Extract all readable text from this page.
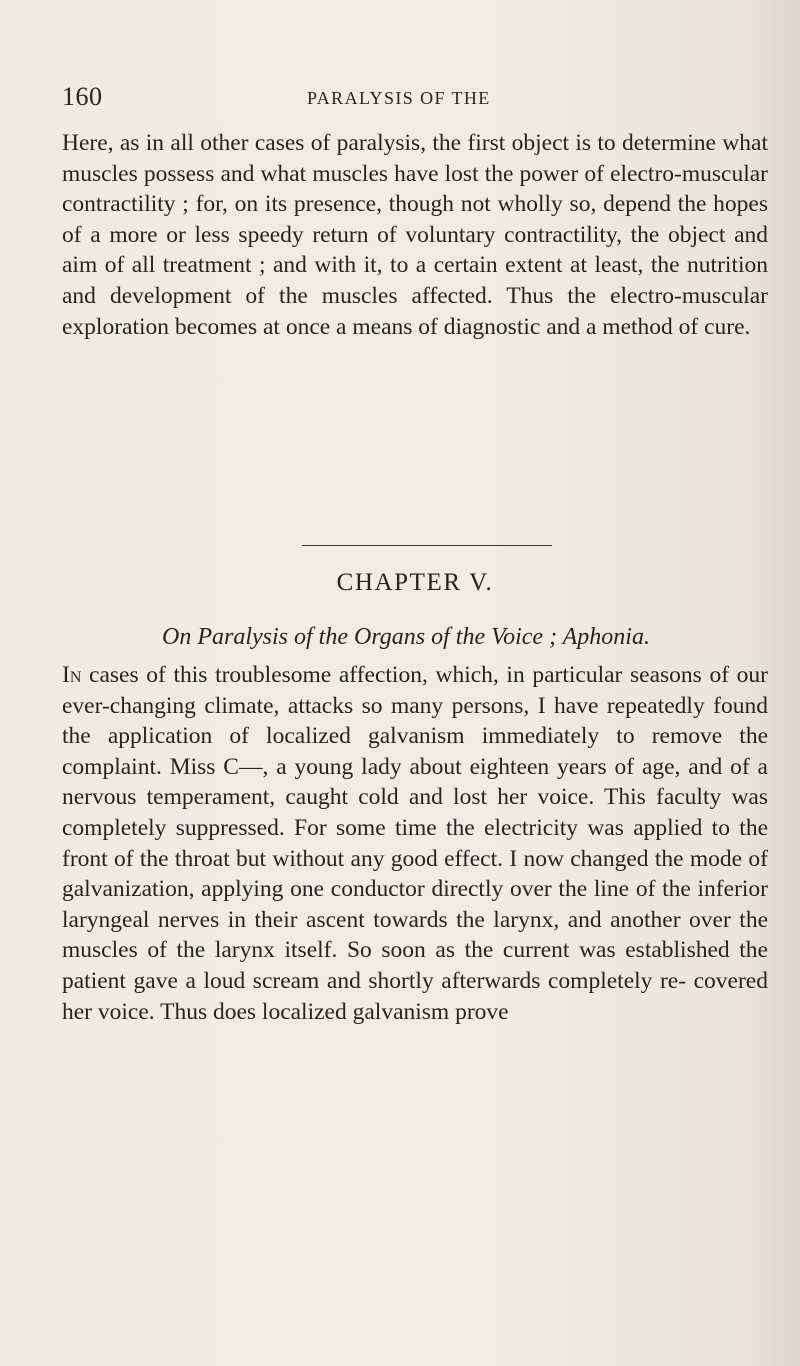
160	PARALYSIS OF THE

Here, as in all other cases of paralysis, the first object is to determine what muscles possess and what muscles have lost the power of electro-muscular contractility ; for, on its presence, though not wholly so, depend the hopes of a more or less speedy return of voluntary contractility, the object and aim of all treatment ; and with it, to a certain extent at least, the nutrition and development of the muscles affected. Thus the electro-muscular exploration becomes at once a means of diagnostic and a method of cure.

CHAPTER V.
On Paralysis of the Organs of the Voice ; Aphonia.

In cases of this troublesome affection, which, in particular seasons of our ever-changing climate, attacks so many persons, I have repeatedly found the application of localized galvanism immediately to remove the complaint. Miss C—, a young lady about eighteen years of age, and of a nervous temperament, caught cold and lost her voice. This faculty was completely suppressed. For some time the electricity was applied to the front of the throat but without any good effect. I now changed the mode of galvanization, applying one conductor directly over the line of the inferior laryngeal nerves in their ascent towards the larynx, and another over the muscles of the larynx itself. So soon as the current was established the patient gave a loud scream and shortly afterwards completely re- covered her voice. Thus does localized galvanism prove
